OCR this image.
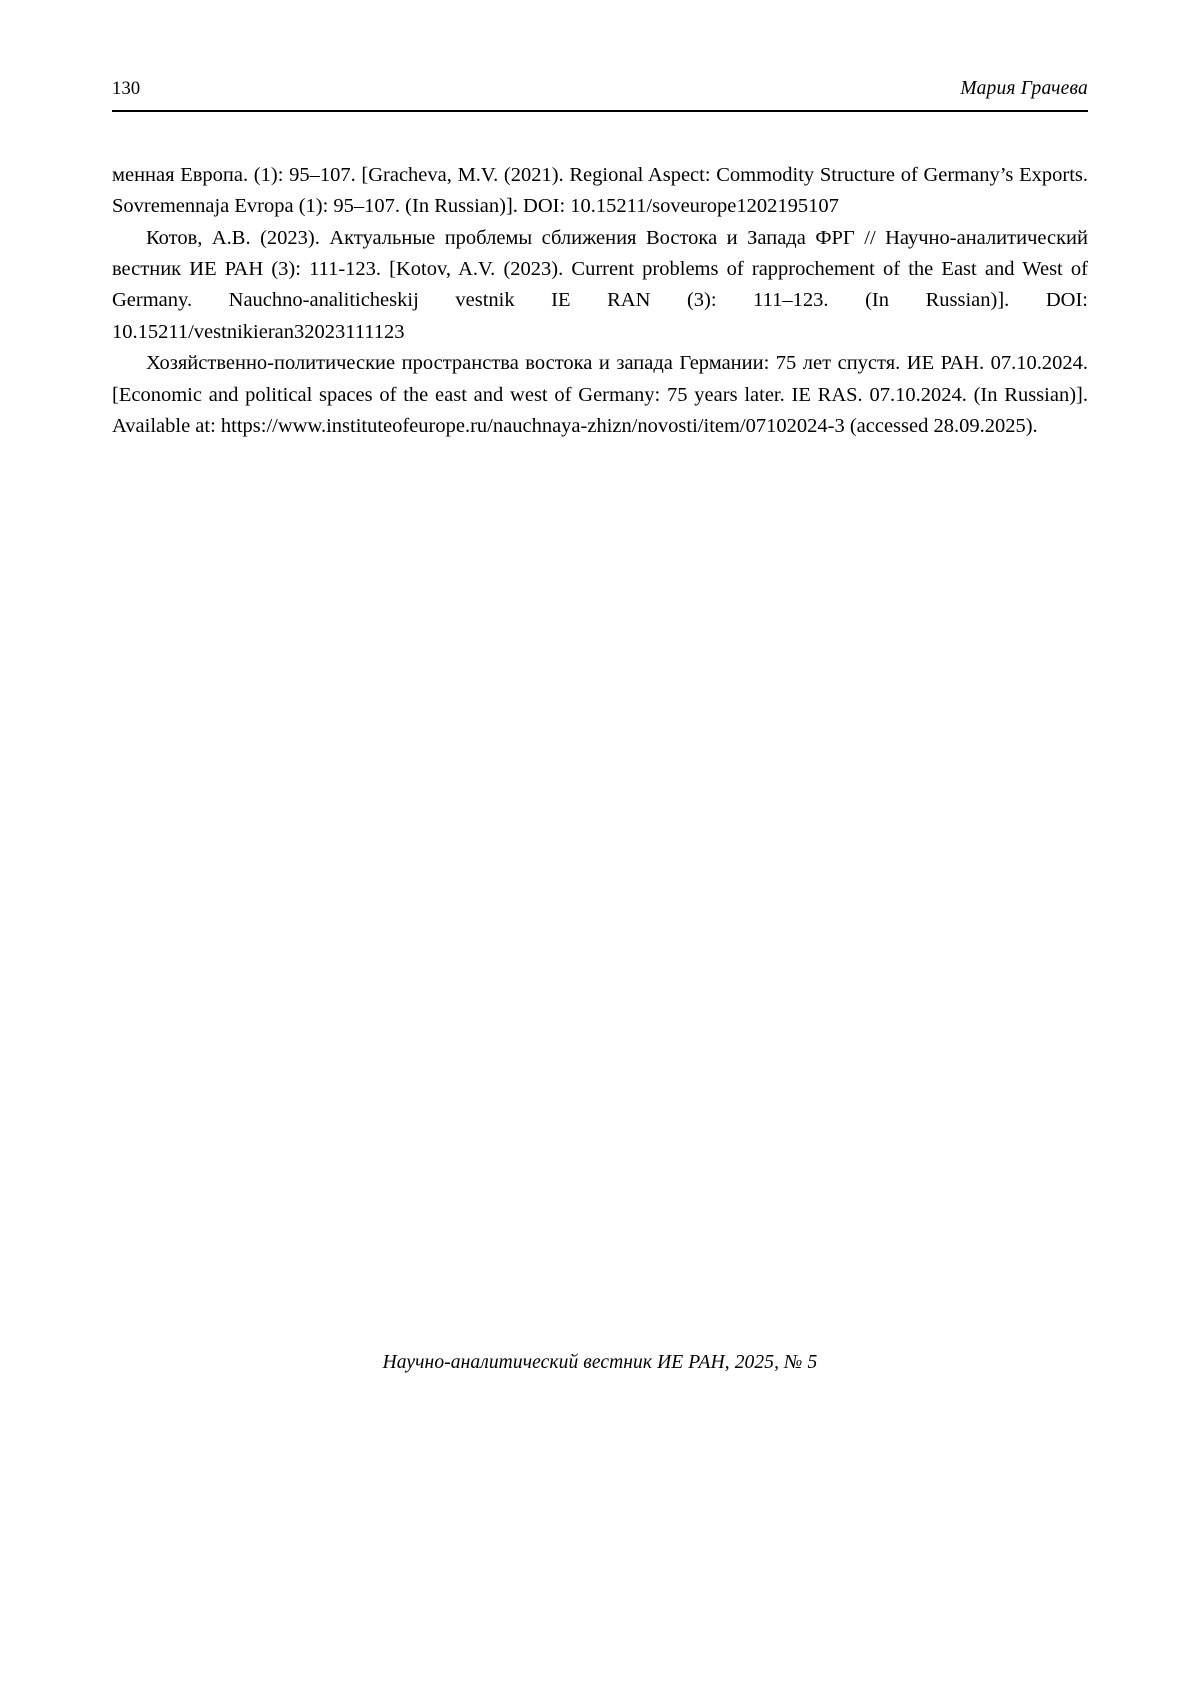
130	Мария Грачева

менная Европа. (1): 95–107. [Gracheva, M.V. (2021). Regional Aspect: Commodity Structure of Germany’s Exports. Sovremennaja Evropa (1): 95–107. (In Russian)]. DOI: 10.15211/soveurope1202195107

Котов, А.В. (2023). Актуальные проблемы сближения Востока и Запада ФРГ // Научно-аналитический вестник ИЕ РАН (3): 111-123. [Kotov, A.V. (2023). Current problems of rapprochement of the East and West of Germany. Nauchno-analiticheskij vestnik IE RAN (3): 111–123. (In Russian)]. DOI: 10.15211/vestnikieran32023111123

Хозяйственно-политические пространства востока и запада Германии: 75 лет спустя. ИЕ РАН. 07.10.2024. [Economic and political spaces of the east and west of Germany: 75 years later. IE RAS. 07.10.2024. (In Russian)]. Available at: https://www.instituteofeurope.ru/nauchnaya-zhizn/novosti/item/07102024-3 (accessed 28.09.2025).

Научно-аналитический вестник ИЕ РАН, 2025, № 5
